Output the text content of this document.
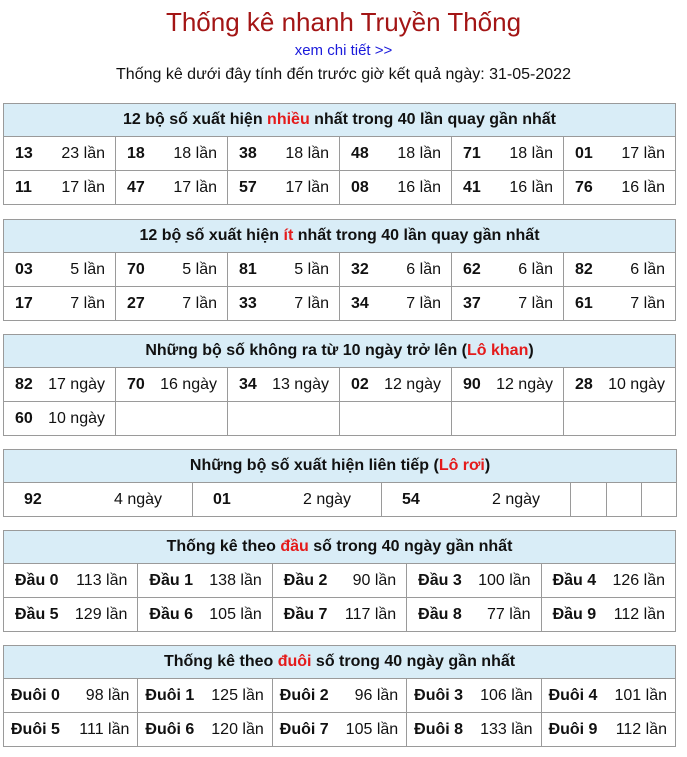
Thống kê nhanh Truyền Thống
xem chi tiết >>
Thống kê dưới đây tính đến trước giờ kết quả ngày: 31-05-2022
12 bộ số xuất hiện nhiều nhất trong 40 lần quay gần nhất					

13 23 lần	18 18 lần	38 18 lần	48 18 lần	71 18 lần	01 17 lần

11 17 lần	47 17 lần	57 17 lần	08 16 lần	41 16 lần	76 16 lần
12 bộ số xuất hiện ít nhất trong 40 lần quay gần nhất					

03 5 lần	70 5 lần	81 5 lần	32 6 lần	62 6 lần	82 6 lần

17 7 lần	27 7 lần	33 7 lần	34 7 lần	37 7 lần	61 7 lần
Những bộ số không ra từ 10 ngày trở lên (Lô khan)					

82 17 ngày	70 16 ngày	34 13 ngày	02 12 ngày	90 12 ngày	28 10 ngày

60 10 ngày					

Những bộ số xuất hiện liên tiếp (Lô rơi)

92	4 ngày	01	2 ngày	54	2 ngày

Thống kê theo đầu số trong 40 ngày gần nhất				

Đầu 0 113 lần	Đầu 1 138 lần	Đầu 2 90 lần	Đầu 3 100 lần	Đầu 4 126 lần

Đầu 5 129 lần	Đầu 6 105 lần	Đầu 7 117 lần	Đầu 8 77 lần	Đầu 9 112 lần
Thống kê theo đuôi số trong 40 ngày gần nhất				

Đuôi 0 98 lần	Đuôi 1 125 lần	Đuôi 2 96 lần	Đuôi 3 106 lần	Đuôi 4 101 lần

Đuôi 5 111 lần	Đuôi 6 120 lần	Đuôi 7 105 lần	Đuôi 8 133 lần	Đuôi 9 112 lần
